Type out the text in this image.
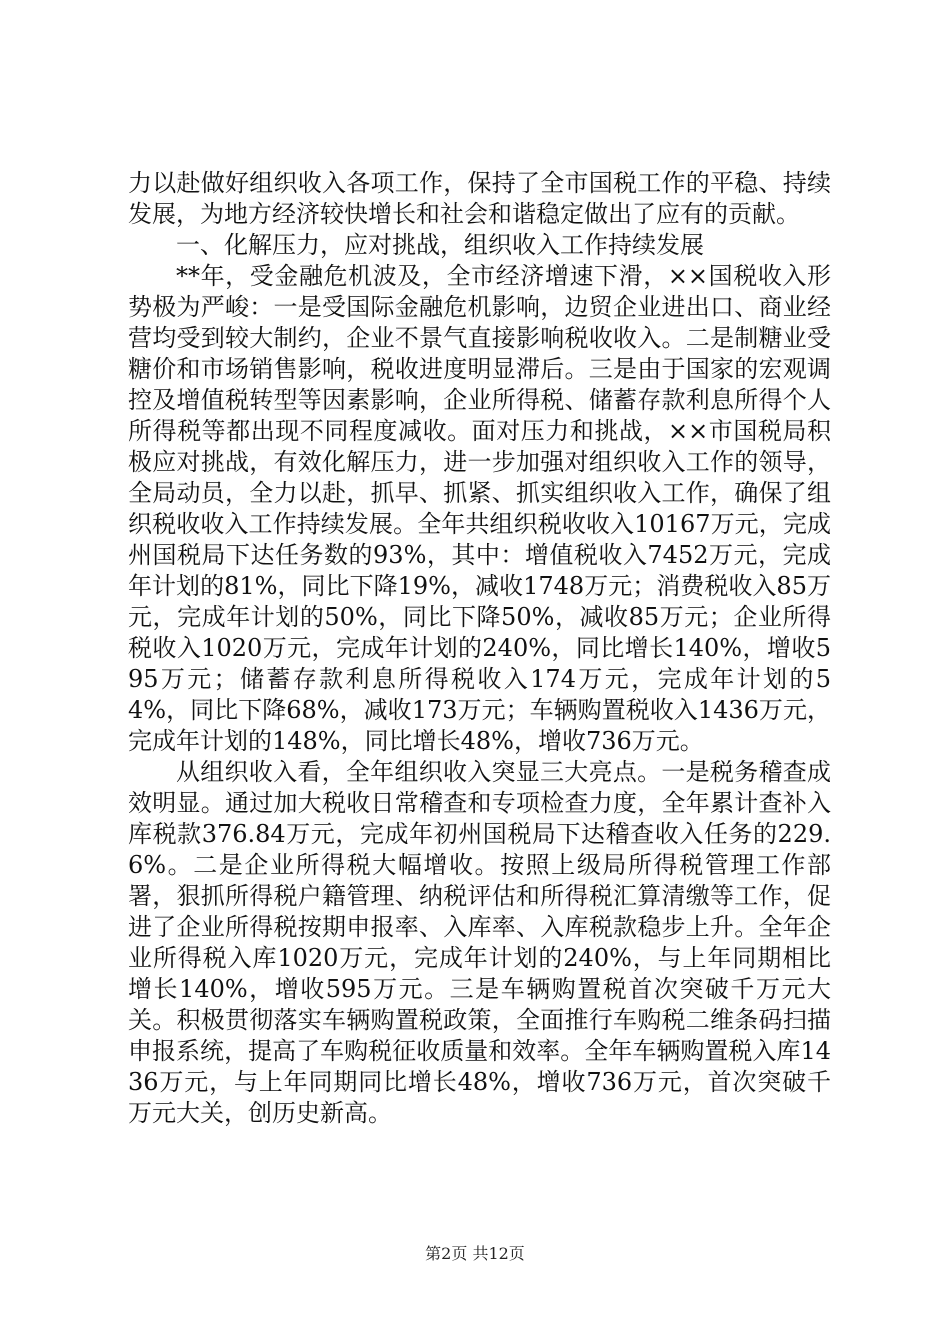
力以赴做好组织收入各项工作，保持了全市国税工作的平稳、持续发展，为地方经济较快增长和社会和谐稳定做出了应有的贡献。

一、化解压力，应对挑战，组织收入工作持续发展

**年，受金融危机波及，全市经济增速下滑，××国税收入形势极为严峻：一是受国际金融危机影响，边贸企业进出口、商业经营均受到较大制约，企业不景气直接影响税收收入。二是制糖业受糖价和市场销售影响，税收进度明显滞后。三是由于国家的宏观调控及增值税转型等因素影响，企业所得税、储蓄存款利息所得个人所得税等都出现不同程度减收。面对压力和挑战，××市国税局积极应对挑战，有效化解压力，进一步加强对组织收入工作的领导，全局动员，全力以赴，抓早、抓紧、抓实组织收入工作，确保了组织税收收入工作持续发展。全年共组织税收收入10167万元，完成州国税局下达任务数的93%，其中：增值税收入7452万元，完成年计划的81%，同比下降19%，减收1748万元；消费税收入85万元，完成年计划的50%，同比下降50%，减收85万元；企业所得税收入1020万元，完成年计划的240%，同比增长140%，增收595万元；储蓄存款利息所得税收入174万元，完成年计划的54%，同比下降68%，减收173万元；车辆购置税收入1436万元，完成年计划的148%，同比增长48%，增收736万元。

从组织收入看，全年组织收入突显三大亮点。一是税务稽查成效明显。通过加大税收日常稽查和专项检查力度，全年累计查补入库税款376.84万元，完成年初州国税局下达稽查收入任务的229.6%。二是企业所得税大幅增收。按照上级局所得税管理工作部署，狠抓所得税户籍管理、纳税评估和所得税汇算清缴等工作，促进了企业所得税按期申报率、入库率、入库税款稳步上升。全年企业所得税入库1020万元，完成年计划的240%，与上年同期相比增长140%，增收595万元。三是车辆购置税首次突破千万元大关。积极贯彻落实车辆购置税政策，全面推行车购税二维条码扫描申报系统，提高了车购税征收质量和效率。全年车辆购置税入库1436万元，与上年同期同比增长48%，增收736万元，首次突破千万元大关，创历史新高。

第2页 共12页
